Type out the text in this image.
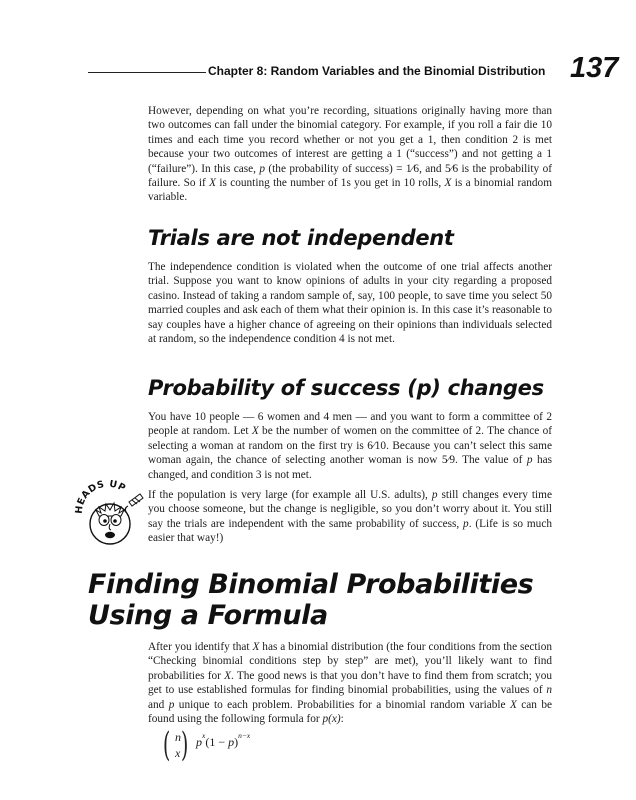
Chapter 8: Random Variables and the Binomial Distribution 137

However, depending on what you’re recording, situations originally having more than two outcomes can fall under the binomial category. For example, if you roll a fair die 10 times and each time you record whether or not you get a 1, then condition 2 is met because your two outcomes of interest are getting a 1 (“success”) and not getting a 1 (“failure”). In this case, p (the probability of success) = 1⁄6, and 5⁄6 is the probability of failure. So if X is counting the number of 1s you get in 10 rolls, X is a binomial random variable.

Trials are not independent

The independence condition is violated when the outcome of one trial affects another trial. Suppose you want to know opinions of adults in your city regarding a proposed casino. Instead of taking a random sample of, say, 100 people, to save time you select 50 married couples and ask each of them what their opinion is. In this case it’s reasonable to say couples have a higher chance of agreeing on their opinions than individuals selected at random, so the independence condition 4 is not met.

Probability of success (p) changes

You have 10 people — 6 women and 4 men — and you want to form a committee of 2 people at random. Let X be the number of women on the committee of 2. The chance of selecting a woman at random on the first try is 6⁄10. Because you can’t select this same woman again, the chance of selecting another woman is now 5⁄9. The value of p has changed, and condition 3 is not met.

HEADS UP

If the population is very large (for example all U.S. adults), p still changes every time you choose someone, but the change is negligible, so you don’t worry about it. You still say the trials are independent with the same probability of success, p. (Life is so much easier that way!)

Finding Binomial Probabilities
Using a Formula

After you identify that X has a binomial distribution (the four conditions from the section “Checking binomial conditions step by step” are met), you’ll likely want to find probabilities for X. The good news is that you don’t have to find them from scratch; you get to use established formulas for finding binomial probabilities, using the values of n and p unique to each problem. Probabilities for a binomial random variable X can be found using the following formula for p(x):

( n
x ) $p^x(1 - p)^{n-x}$
